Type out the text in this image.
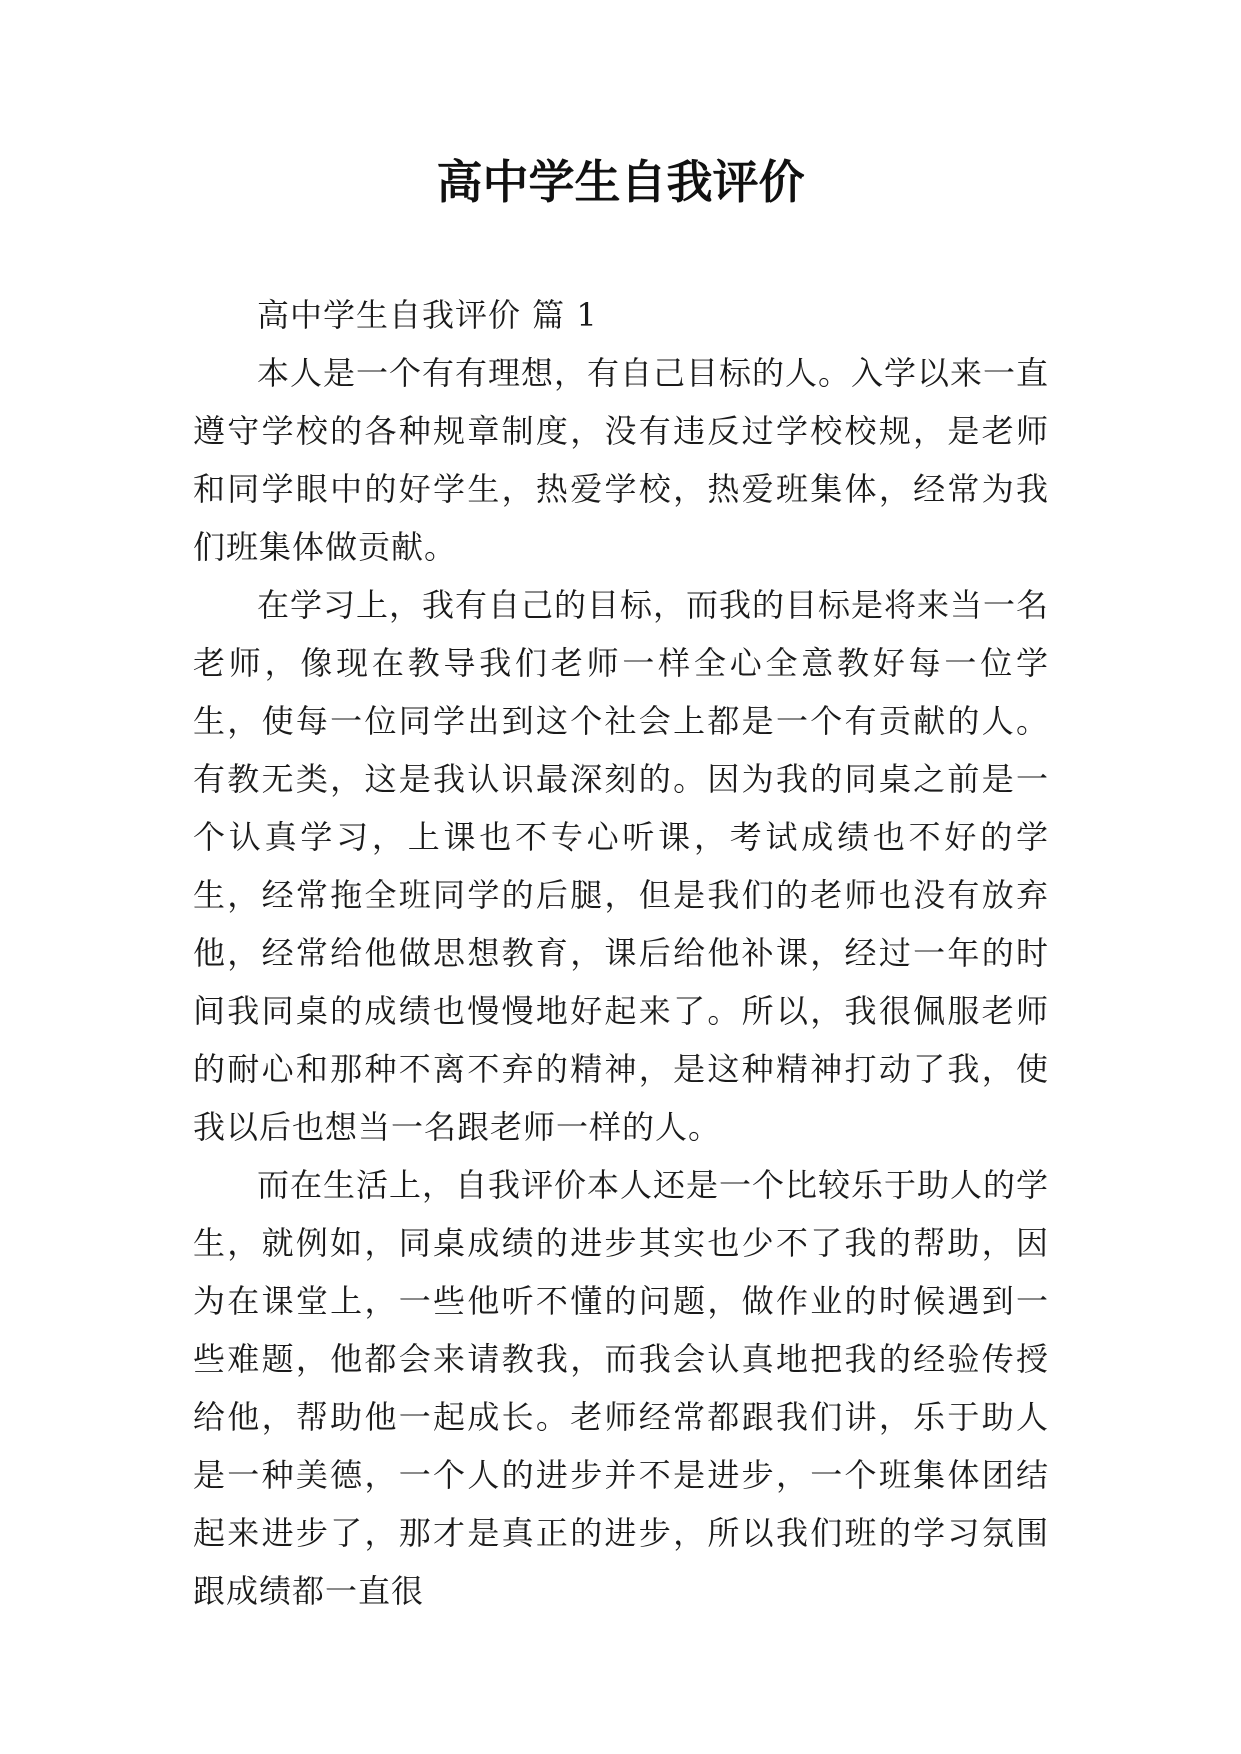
高中学生自我评价
高中学生自我评价 篇 1

本人是一个有有理想，有自己目标的人。入学以来一直遵守学校的各种规章制度，没有违反过学校校规，是老师和同学眼中的好学生，热爱学校，热爱班集体，经常为我们班集体做贡献。

在学习上，我有自己的目标，而我的目标是将来当一名老师，像现在教导我们老师一样全心全意教好每一位学生，使每一位同学出到这个社会上都是一个有贡献的人。有教无类，这是我认识最深刻的。因为我的同桌之前是一个认真学习，上课也不专心听课，考试成绩也不好的学生，经常拖全班同学的后腿，但是我们的老师也没有放弃他，经常给他做思想教育，课后给他补课，经过一年的时间我同桌的成绩也慢慢地好起来了。所以，我很佩服老师的耐心和那种不离不弃的精神，是这种精神打动了我，使我以后也想当一名跟老师一样的人。

而在生活上，自我评价本人还是一个比较乐于助人的学生，就例如，同桌成绩的进步其实也少不了我的帮助，因为在课堂上，一些他听不懂的问题，做作业的时候遇到一些难题，他都会来请教我，而我会认真地把我的经验传授给他，帮助他一起成长。老师经常都跟我们讲，乐于助人是一种美德，一个人的进步并不是进步，一个班集体团结起来进步了，那才是真正的进步，所以我们班的学习氛围跟成绩都一直很
